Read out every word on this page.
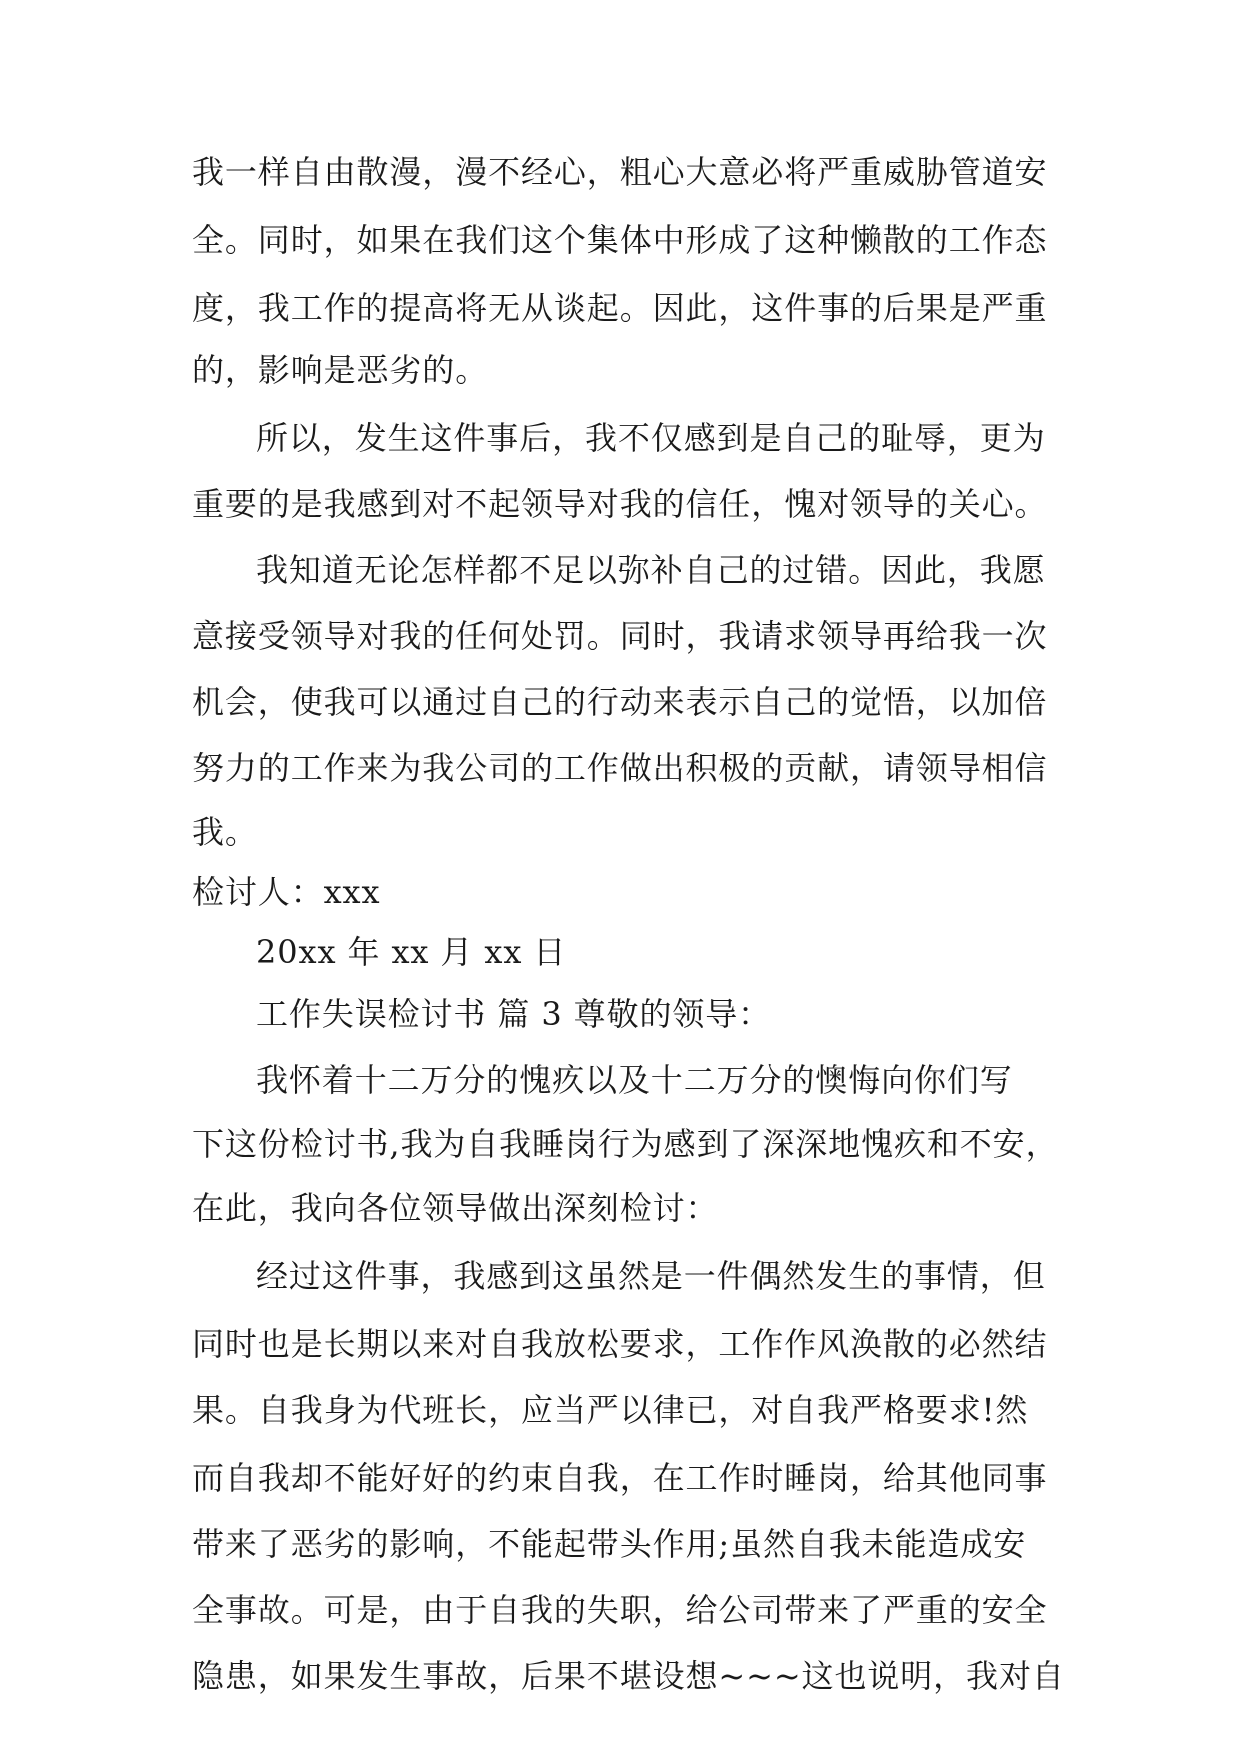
我一样自由散漫，漫不经心，粗心大意必将严重威胁管道安
全。同时，如果在我们这个集体中形成了这种懒散的工作态
度，我工作的提高将无从谈起。因此，这件事的后果是严重
的，影响是恶劣的。
所以，发生这件事后，我不仅感到是自己的耻辱，更为
重要的是我感到对不起领导对我的信任，愧对领导的关心。
我知道无论怎样都不足以弥补自己的过错。因此，我愿
意接受领导对我的任何处罚。同时，我请求领导再给我一次
机会，使我可以通过自己的行动来表示自己的觉悟，以加倍
努力的工作来为我公司的工作做出积极的贡献，请领导相信
我。
检讨人：xxx
20xx 年 xx 月 xx 日
工作失误检讨书 篇 3 尊敬的领导：
我怀着十二万分的愧疚以及十二万分的懊悔向你们写
下这份检讨书,我为自我睡岗行为感到了深深地愧疚和不安，
在此，我向各位领导做出深刻检讨：
经过这件事，我感到这虽然是一件偶然发生的事情，但
同时也是长期以来对自我放松要求，工作作风涣散的必然结
果。自我身为代班长，应当严以律已，对自我严格要求!然
而自我却不能好好的约束自我，在工作时睡岗，给其他同事
带来了恶劣的影响，不能起带头作用;虽然自我未能造成安
全事故。可是，由于自我的失职，给公司带来了严重的安全
隐患，如果发生事故，后果不堪设想~~~这也说明，我对自
